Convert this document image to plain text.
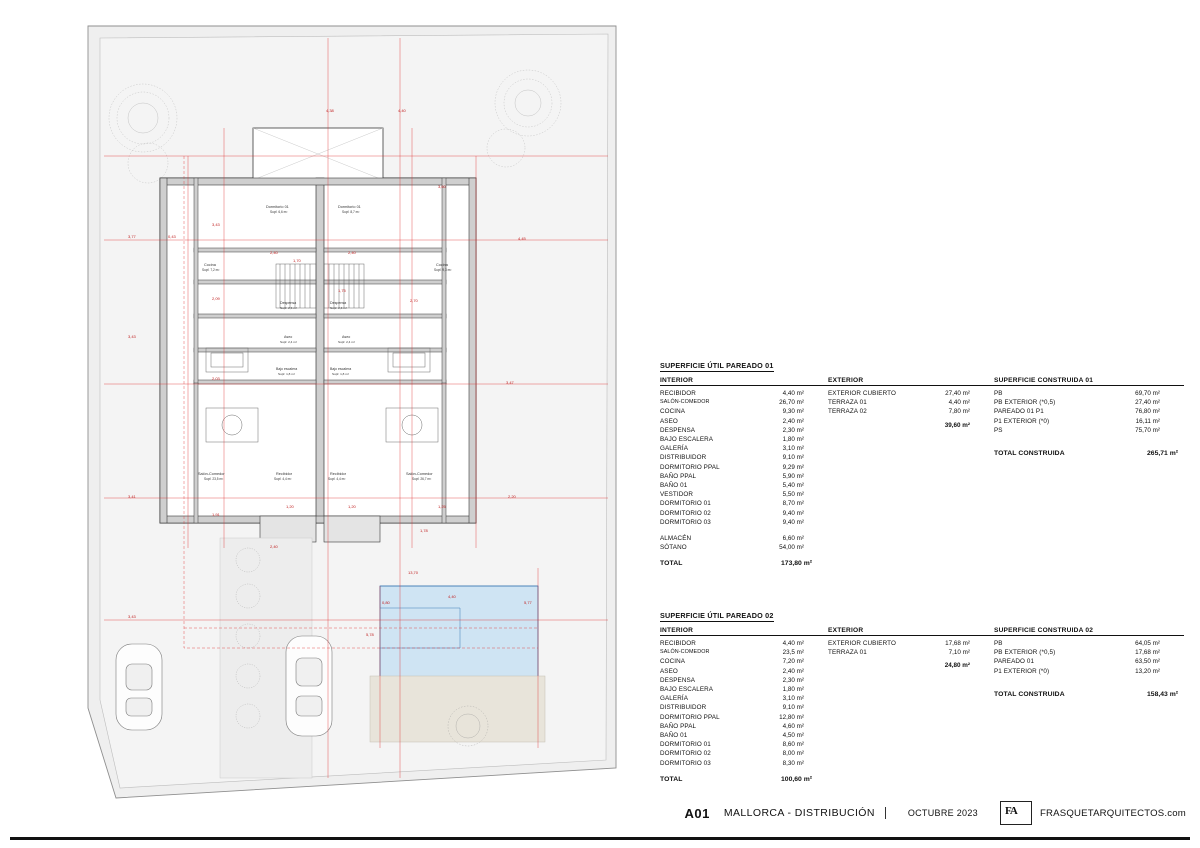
3,77	0,43
3,43
3,41
3,43
3,43
2,09
2,03
1,91
2,40	2,40
2,40
1,70
1,75
2,70
1,20	1,20
1,78
1,25
2,20
3,47
4,45
3,60
4,40
5,78
13,70
5,77
0,80
4,38	4,40
Dormitorio 01
Supf. 6,6 m²
Dormitorio 01
Supf. 8,7 m²
Cocina
Supf. 7,2 m²
Cocina
Supf. 9,3 m²
Despensa
Supf. 2,3 m²
Despensa
Supf. 2,3 m²
Aseo
Supf. 2,4 m²
Aseo
Supf. 2,4 m²
Bajo escalera
Supf. 1,8 m²
Bajo escalera
Supf. 1,8 m²
Salón-Comedor
Supf. 23,5 m²
Salón-Comedor
Supf. 26,7 m²
Recibidor
Supf. 4,4 m²
Recibidor
Supf. 4,4 m²
SUPERFICIE ÚTIL PAREADO 01
INTERIOR
RECIBIDOR	4,40 m²
SALÓN-COMEDOR	26,70 m²
COCINA	9,30 m²
ASEO	2,40 m²
DESPENSA	2,30 m²
BAJO ESCALERA	1,80 m²
GALERÍA	3,10 m²
DISTRIBUIDOR	9,10 m²
DORMITORIO PPAL	9,29 m²
BAÑO PPAL	5,90 m²
BAÑO 01	5,40 m²
VESTIDOR	5,50 m²
DORMITORIO 01	8,70 m²
DORMITORIO 02	9,40 m²
DORMITORIO 03	9,40 m²
ALMACÉN	6,60 m²
SÓTANO	54,00 m²
TOTAL	173,80 m²
EXTERIOR
EXTERIOR CUBIERTO	27,40 m²
TERRAZA 01	4,40 m²
TERRAZA 02	7,80 m²
39,60 m²
SUPERFICIE CONSTRUIDA 01
PB	69,70 m²
PB EXTERIOR (*0,5)	27,40 m²
PAREADO 01 P1	76,80 m²
P1 EXTERIOR (*0)	16,11 m²
PS	75,70 m²
TOTAL CONSTRUIDA	265,71 m²
SUPERFICIE ÚTIL PAREADO 02
INTERIOR
RECIBIDOR	4,40 m²
SALÓN-COMEDOR	23,5 m²
COCINA	7,20 m²
ASEO	2,40 m²
DESPENSA	2,30 m²
BAJO ESCALERA	1,80 m²
GALERÍA	3,10 m²
DISTRIBUIDOR	9,10 m²
DORMITORIO PPAL	12,80 m²
BAÑO PPAL	4,60 m²
BAÑO 01	4,50 m²
DORMITORIO 01	8,60 m²
DORMITORIO 02	8,00 m²
DORMITORIO 03	8,30 m²
TOTAL	100,60 m²
EXTERIOR
EXTERIOR CUBIERTO	17,68 m²
TERRAZA 01	7,10 m²
24,80 m²
SUPERFICIE CONSTRUIDA 02
PB	64,05 m²
PB EXTERIOR (*0,5)	17,68 m²
PAREADO 01	63,50 m²
P1 EXTERIOR (*0)	13,20 m²
TOTAL CONSTRUIDA	158,43 m²
A01	MALLORCA - DISTRIBUCIÓN	OCTUBRE 2023	FA FRASQUETARQUITECTOS.com
